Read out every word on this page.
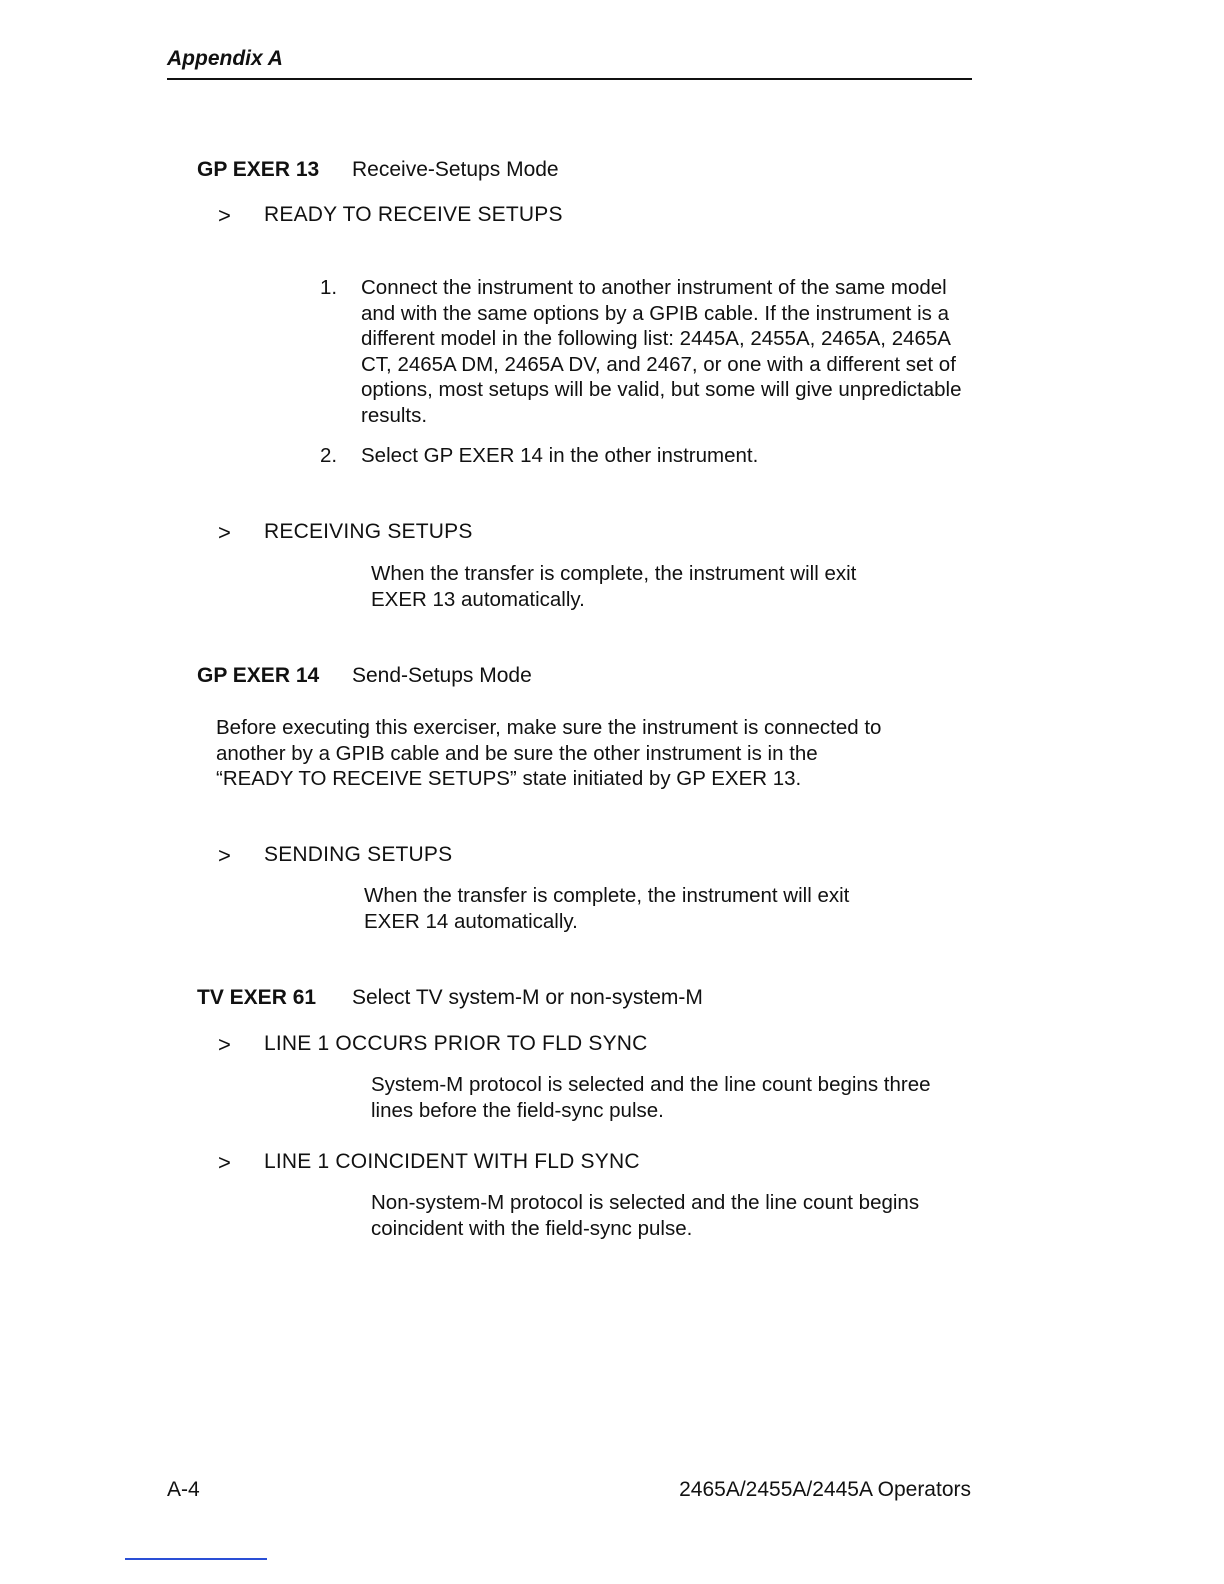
Appendix A
GP EXER 13 Receive-Setups Mode
> READY TO RECEIVE SETUPS
1. Connect the instrument to another instrument of the same model and with the same options by a GPIB cable. If the instrument is a different model in the following list: 2445A, 2455A, 2465A, 2465A CT, 2465A DM, 2465A DV, and 2467, or one with a different set of options, most setups will be valid, but some will give unpredictable results.
2. Select GP EXER 14 in the other instrument.
> RECEIVING SETUPS
When the transfer is complete, the instrument will exit EXER 13 automatically.
GP EXER 14 Send-Setups Mode
Before executing this exerciser, make sure the instrument is connected to another by a GPIB cable and be sure the other instrument is in the “READY TO RECEIVE SETUPS” state initiated by GP EXER 13.
> SENDING SETUPS
When the transfer is complete, the instrument will exit EXER 14 automatically.
TV EXER 61 Select TV system-M or non-system-M
> LINE 1 OCCURS PRIOR TO FLD SYNC
System-M protocol is selected and the line count begins three lines before the field-sync pulse.
> LINE 1 COINCIDENT WITH FLD SYNC
Non-system-M protocol is selected and the line count begins coincident with the field-sync pulse.
A-4	2465A/2455A/2445A Operators
